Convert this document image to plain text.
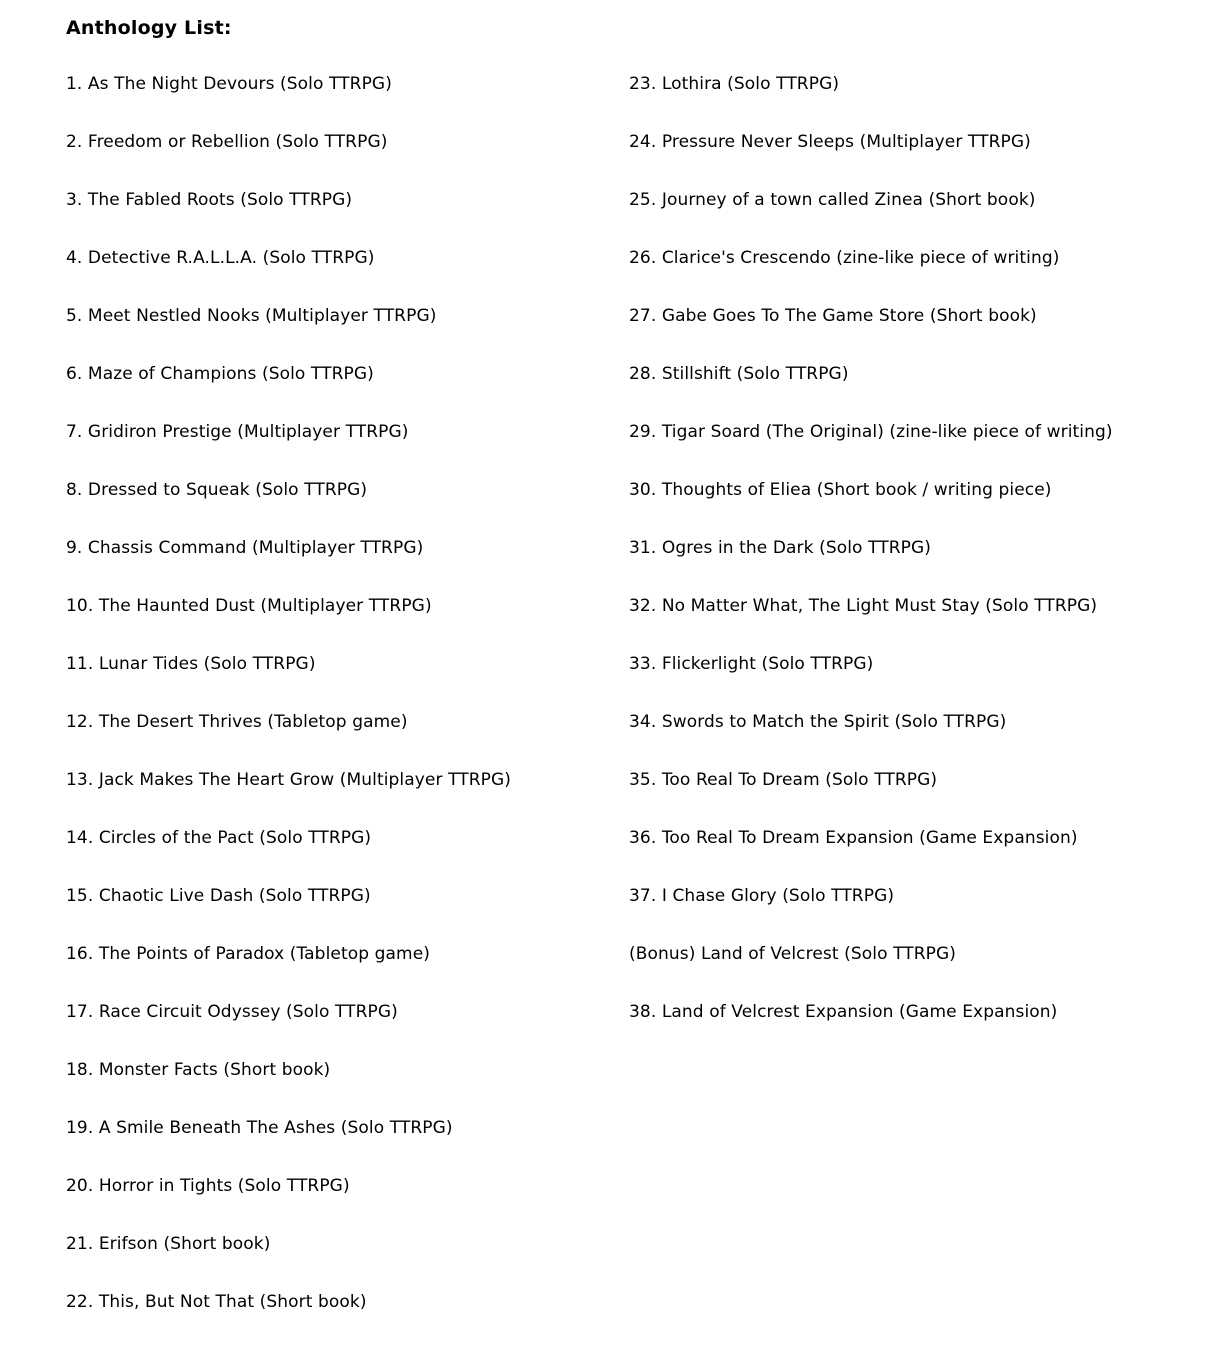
Anthology List:
1. As The Night Devours (Solo TTRPG)
2. Freedom or Rebellion (Solo TTRPG)
3. The Fabled Roots (Solo TTRPG)
4. Detective R.A.L.L.A. (Solo TTRPG)
5. Meet Nestled Nooks (Multiplayer TTRPG)
6. Maze of Champions (Solo TTRPG)
7. Gridiron Prestige (Multiplayer TTRPG)
8. Dressed to Squeak (Solo TTRPG)
9. Chassis Command (Multiplayer TTRPG)
10. The Haunted Dust (Multiplayer TTRPG)
11. Lunar Tides (Solo TTRPG)
12. The Desert Thrives (Tabletop game)
13. Jack Makes The Heart Grow (Multiplayer TTRPG)
14. Circles of the Pact (Solo TTRPG)
15. Chaotic Live Dash (Solo TTRPG)
16. The Points of Paradox (Tabletop game)
17. Race Circuit Odyssey (Solo TTRPG)
18. Monster Facts (Short book)
19. A Smile Beneath The Ashes (Solo TTRPG)
20. Horror in Tights (Solo TTRPG)
21. Erifson (Short book)
22. This, But Not That (Short book)
23. Lothira (Solo TTRPG)
24. Pressure Never Sleeps (Multiplayer TTRPG)
25. Journey of a town called Zinea (Short book)
26. Clarice's Crescendo (zine-like piece of writing)
27. Gabe Goes To The Game Store (Short book)
28. Stillshift (Solo TTRPG)
29. Tigar Soard (The Original) (zine-like piece of writing)
30. Thoughts of Eliea (Short book / writing piece)
31. Ogres in the Dark (Solo TTRPG)
32. No Matter What, The Light Must Stay (Solo TTRPG)
33. Flickerlight (Solo TTRPG)
34. Swords to Match the Spirit (Solo TTRPG)
35. Too Real To Dream (Solo TTRPG)
36. Too Real To Dream Expansion (Game Expansion)
37. I Chase Glory (Solo TTRPG)
(Bonus) Land of Velcrest (Solo TTRPG)
38. Land of Velcrest Expansion (Game Expansion)
